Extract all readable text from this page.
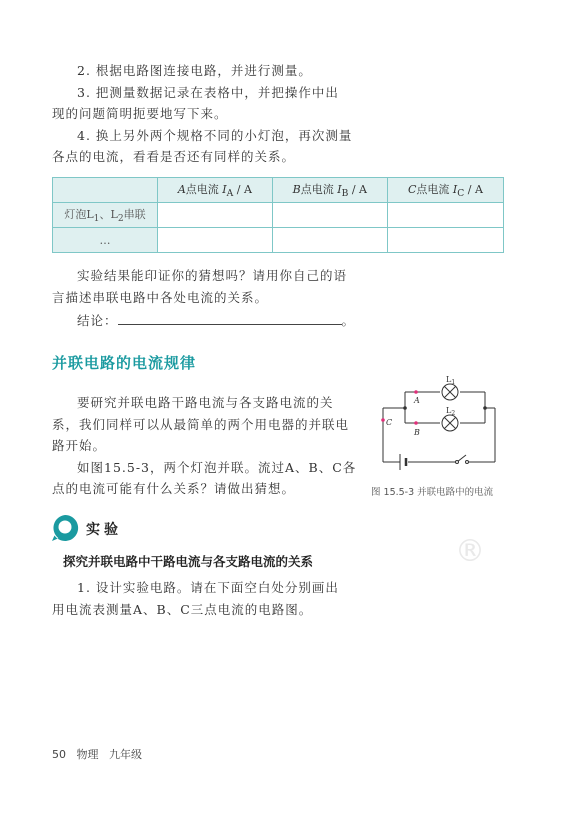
2. 根据电路图连接电路，并进行测量。
3. 把测量数据记录在表格中，并把操作中出
现的问题简明扼要地写下来。
4. 换上另外两个规格不同的小灯泡，再次测量
各点的电流，看看是否还有同样的关系。
	A点电流 $I_A$ / A	B点电流 $I_B$ / A	C点电流 $I_C$ / A
灯泡$L_1$、$L_2$串联			
…			
实验结果能印证你的猜想吗？请用你自己的语
言描述串联电路中各处电流的关系。
结论：	。
并联电路的电流规律
要研究并联电路干路电流与各支路电流的关
系，我们同样可以从最简单的两个用电器的并联电
路开始。
如图15.5-3，两个灯泡并联。流过A、B、C各
点的电流可能有什么关系？请做出猜想。
$L_1$
$L_2$
A
B
C
图 15.5-3 并联电路中的电流
实验
探究并联电路中干路电流与各支路电流的关系
1. 设计实验电路。请在下面空白处分别画出
用电流表测量A、B、C三点电流的电路图。
®
50 物理 九年级
